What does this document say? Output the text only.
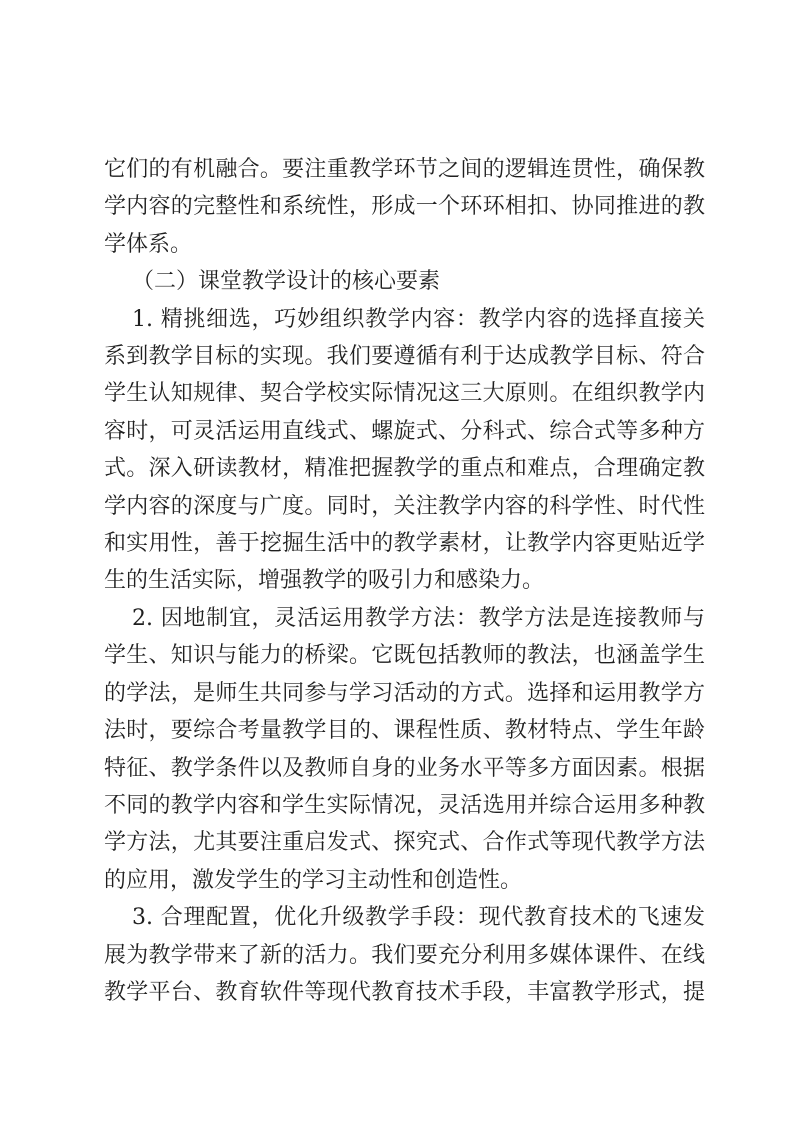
它们的有机融合。要注重教学环节之间的逻辑连贯性，确保教
学内容的完整性和系统性，形成一个环环相扣、协同推进的教
学体系。
（二）课堂教学设计的核心要素
1. 精挑细选，巧妙组织教学内容：教学内容的选择直接关
系到教学目标的实现。我们要遵循有利于达成教学目标、符合
学生认知规律、契合学校实际情况这三大原则。在组织教学内
容时，可灵活运用直线式、螺旋式、分科式、综合式等多种方
式。深入研读教材，精准把握教学的重点和难点，合理确定教
学内容的深度与广度。同时，关注教学内容的科学性、时代性
和实用性，善于挖掘生活中的教学素材，让教学内容更贴近学
生的生活实际，增强教学的吸引力和感染力。
2. 因地制宜，灵活运用教学方法：教学方法是连接教师与
学生、知识与能力的桥梁。它既包括教师的教法，也涵盖学生
的学法，是师生共同参与学习活动的方式。选择和运用教学方
法时，要综合考量教学目的、课程性质、教材特点、学生年龄
特征、教学条件以及教师自身的业务水平等多方面因素。根据
不同的教学内容和学生实际情况，灵活选用并综合运用多种教
学方法，尤其要注重启发式、探究式、合作式等现代教学方法
的应用，激发学生的学习主动性和创造性。
3. 合理配置，优化升级教学手段：现代教育技术的飞速发
展为教学带来了新的活力。我们要充分利用多媒体课件、在线
教学平台、教育软件等现代教育技术手段，丰富教学形式，提
